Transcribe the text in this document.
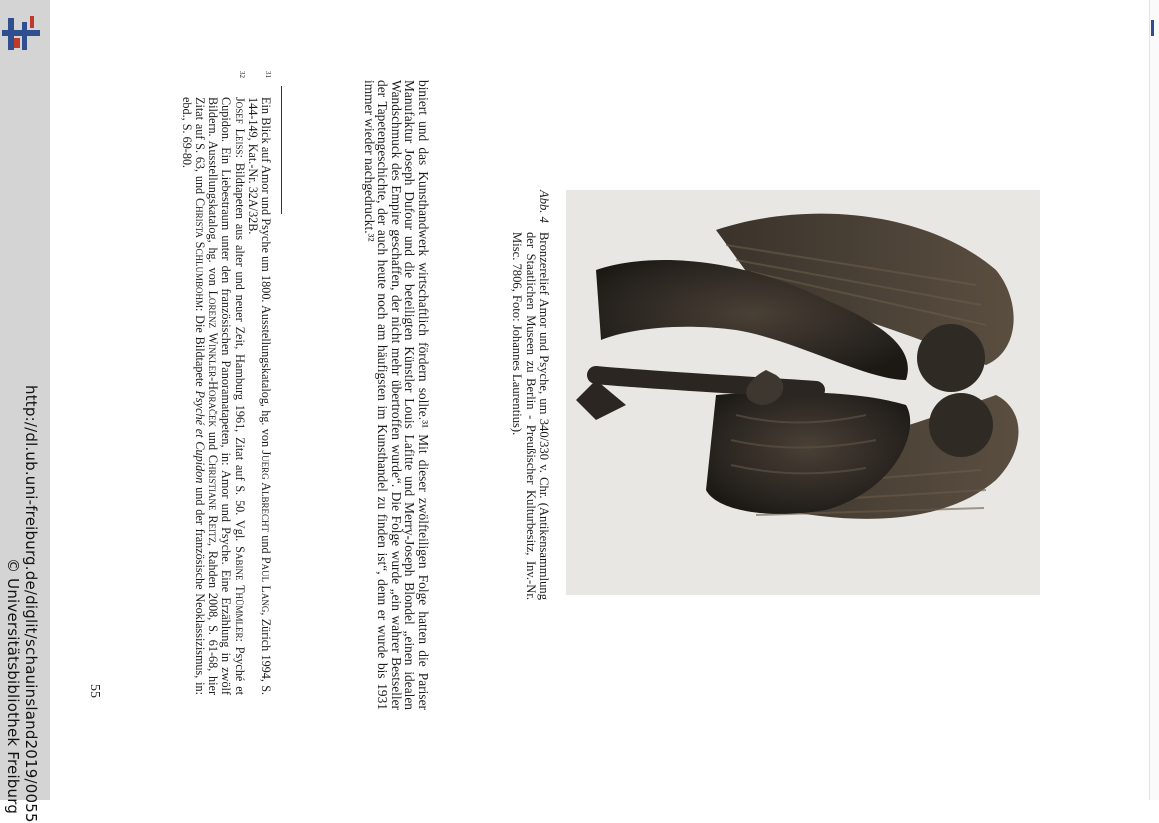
http://dl.ub.uni-freiburg.de/diglit/schauinsland2019/0055
© Universitätsbibliothek Freiburg	biniert und das Kunsthandwerk wirtschaftlich fördern sollte.³¹ Mit dieser zwölfteiligen Folge hatten die Pariser Manufaktur Joseph Dufour und die beteiligten Künstler Louis Lafitte und Merry-Joseph Blondel „einen idealen Wandschmuck des Empire geschaffen, der nicht mehr übertroffen wurde“. Die Folge wurde „ein wahrer Bestseller der Tapetengeschichte, der auch heute noch am häufigsten im Kunsthandel zu finden ist“, denn er wurde bis 1931 immer wieder nachgedruckt.³²	Abb. 4
Bronzerelief Amor und Psyche, um 340/330 v. Chr. (Antikensammlung der Staatlichen Museen zu Berlin - Preußischer Kulturbesitz, Inv.-Nr. Misc. 7806, Foto: Johannes Laurentius).
31
Ein Blick auf Amor und Psyche um 1800. Ausstellungskatalog, hg. von Juerg Albrecht und Paul Lang, Zürich 1994, S. 144-149, Kat.-Nr. 32A/32B.
32
Josef Leiss: Bildtapeten aus alter und neuer Zeit, Hamburg 1961, Zitat auf S. 50. Vgl. Sabine Thümmler: Psyché et Cupidon. Ein Liebestraum unter den französischen Panoramatapeten, in: Amor und Psyche. Eine Erzählung in zwölf Bildern. Ausstellungskatalog, hg. von Lorenz Winkler-Horaček und Christiane Reitz, Rahden 2008, S. 61-68, hier Zitat auf S. 63, und Christa Schlumbohm: Die Bildtapete Psyché et Cupidon und der französische Neoklassizismus, in: ebd., S. 69-80.
55
